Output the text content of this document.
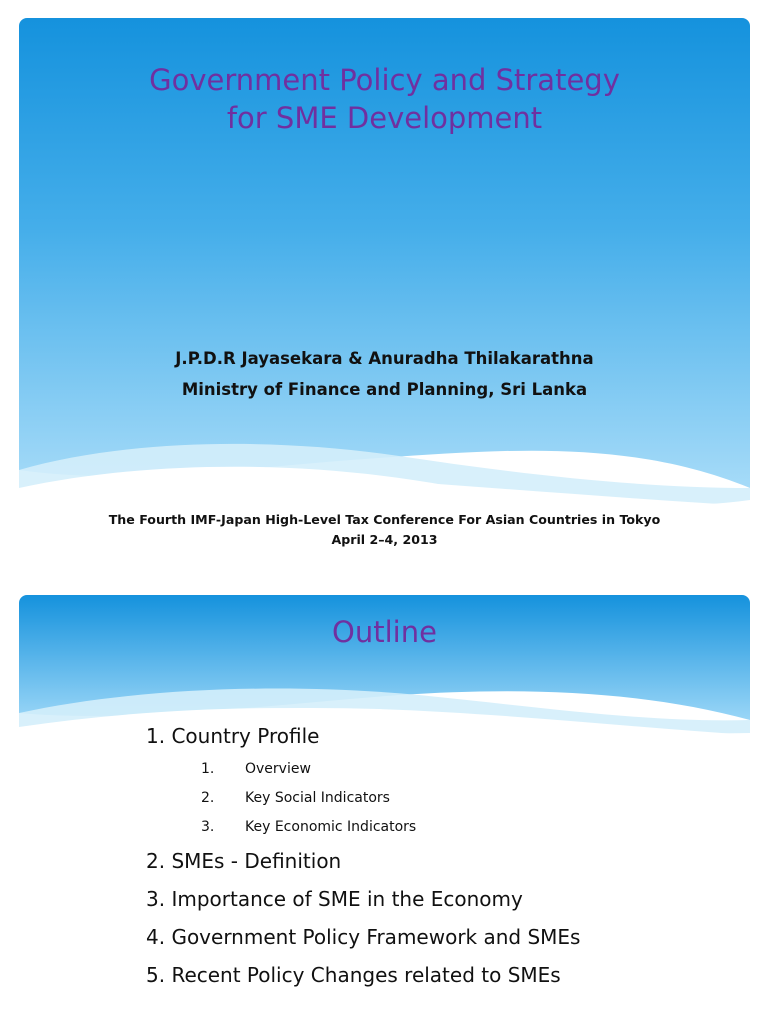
Government Policy and Strategy
for SME Development
J.P.D.R Jayasekara & Anuradha Thilakarathna
Ministry of Finance and Planning, Sri Lanka
The Fourth IMF-Japan High-Level Tax Conference For Asian Countries in Tokyo
April 2–4, 2013
Outline
1. Country Profile
1.	Overview
2.	Key Social Indicators
3.	Key Economic Indicators
2. SMEs - Definition
3. Importance of SME in the Economy
4. Government Policy Framework and SMEs
5. Recent Policy Changes related to SMEs
